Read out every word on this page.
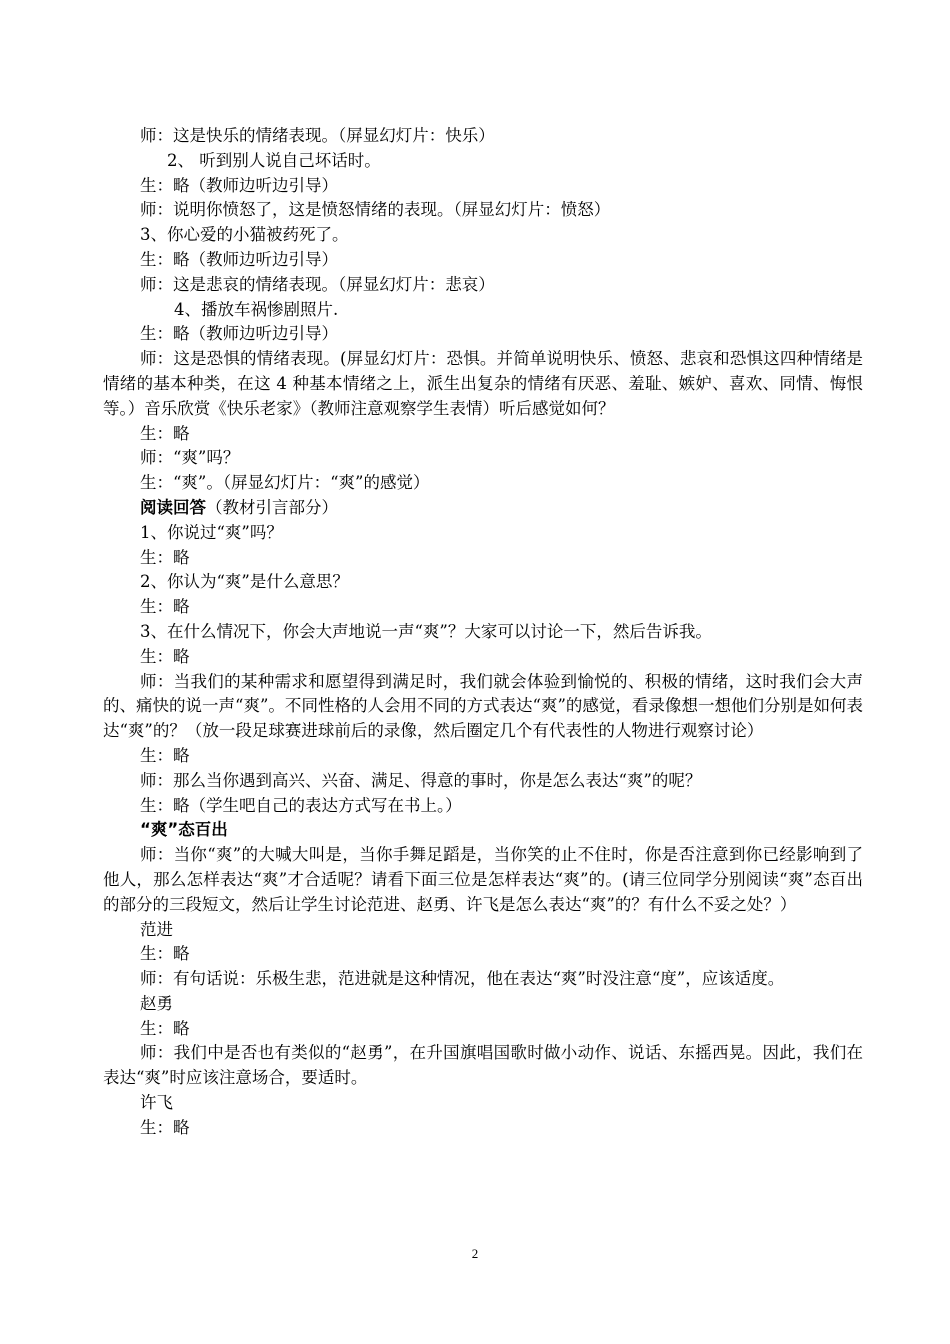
师：这是快乐的情绪表现。（屏显幻灯片：快乐）
2、 听到别人说自己坏话时。
生：略（教师边听边引导）
师：说明你愤怒了，这是愤怒情绪的表现。（屏显幻灯片：愤怒）
3、你心爱的小猫被药死了。
生：略（教师边听边引导）
师：这是悲哀的情绪表现。（屏显幻灯片：悲哀）
4、播放车祸惨剧照片.
生：略（教师边听边引导）

师：这是恐惧的情绪表现。(屏显幻灯片：恐惧。并简单说明快乐、愤怒、悲哀和恐惧这四种情绪是情绪的基本种类，在这 4 种基本情绪之上，派生出复杂的情绪有厌恶、羞耻、嫉妒、喜欢、同情、悔恨等。）音乐欣赏《快乐老家》（教师注意观察学生表情）听后感觉如何？

生：略
师：“爽”吗？
生：“爽”。（屏显幻灯片：“爽”的感觉）
阅读回答（教材引言部分）
1、你说过“爽”吗？
生：略
2、你认为“爽”是什么意思？
生：略
3、在什么情况下，你会大声地说一声“爽”？大家可以讨论一下，然后告诉我。
生：略

师：当我们的某种需求和愿望得到满足时，我们就会体验到愉悦的、积极的情绪，这时我们会大声的、痛快的说一声“爽”。不同性格的人会用不同的方式表达“爽”的感觉，看录像想一想他们分别是如何表达“爽”的？（放一段足球赛进球前后的录像，然后圈定几个有代表性的人物进行观察讨论）

生：略
师：那么当你遇到高兴、兴奋、满足、得意的事时，你是怎么表达“爽”的呢？
生：略（学生吧自己的表达方式写在书上。）
“爽”态百出

师：当你“爽”的大喊大叫是，当你手舞足蹈是，当你笑的止不住时，你是否注意到你已经影响到了他人，那么怎样表达“爽”才合适呢？请看下面三位是怎样表达“爽”的。(请三位同学分别阅读“爽”态百出的部分的三段短文，然后让学生讨论范进、赵勇、许飞是怎么表达“爽”的？有什么不妥之处？）

范进
生：略

师：有句话说：乐极生悲，范进就是这种情况，他在表达“爽”时没注意“度”，应该适度。

赵勇
生：略

师：我们中是否也有类似的“赵勇”，在升国旗唱国歌时做小动作、说话、东摇西晃。因此，我们在表达“爽”时应该注意场合，要适时。

许飞
生：略
2
